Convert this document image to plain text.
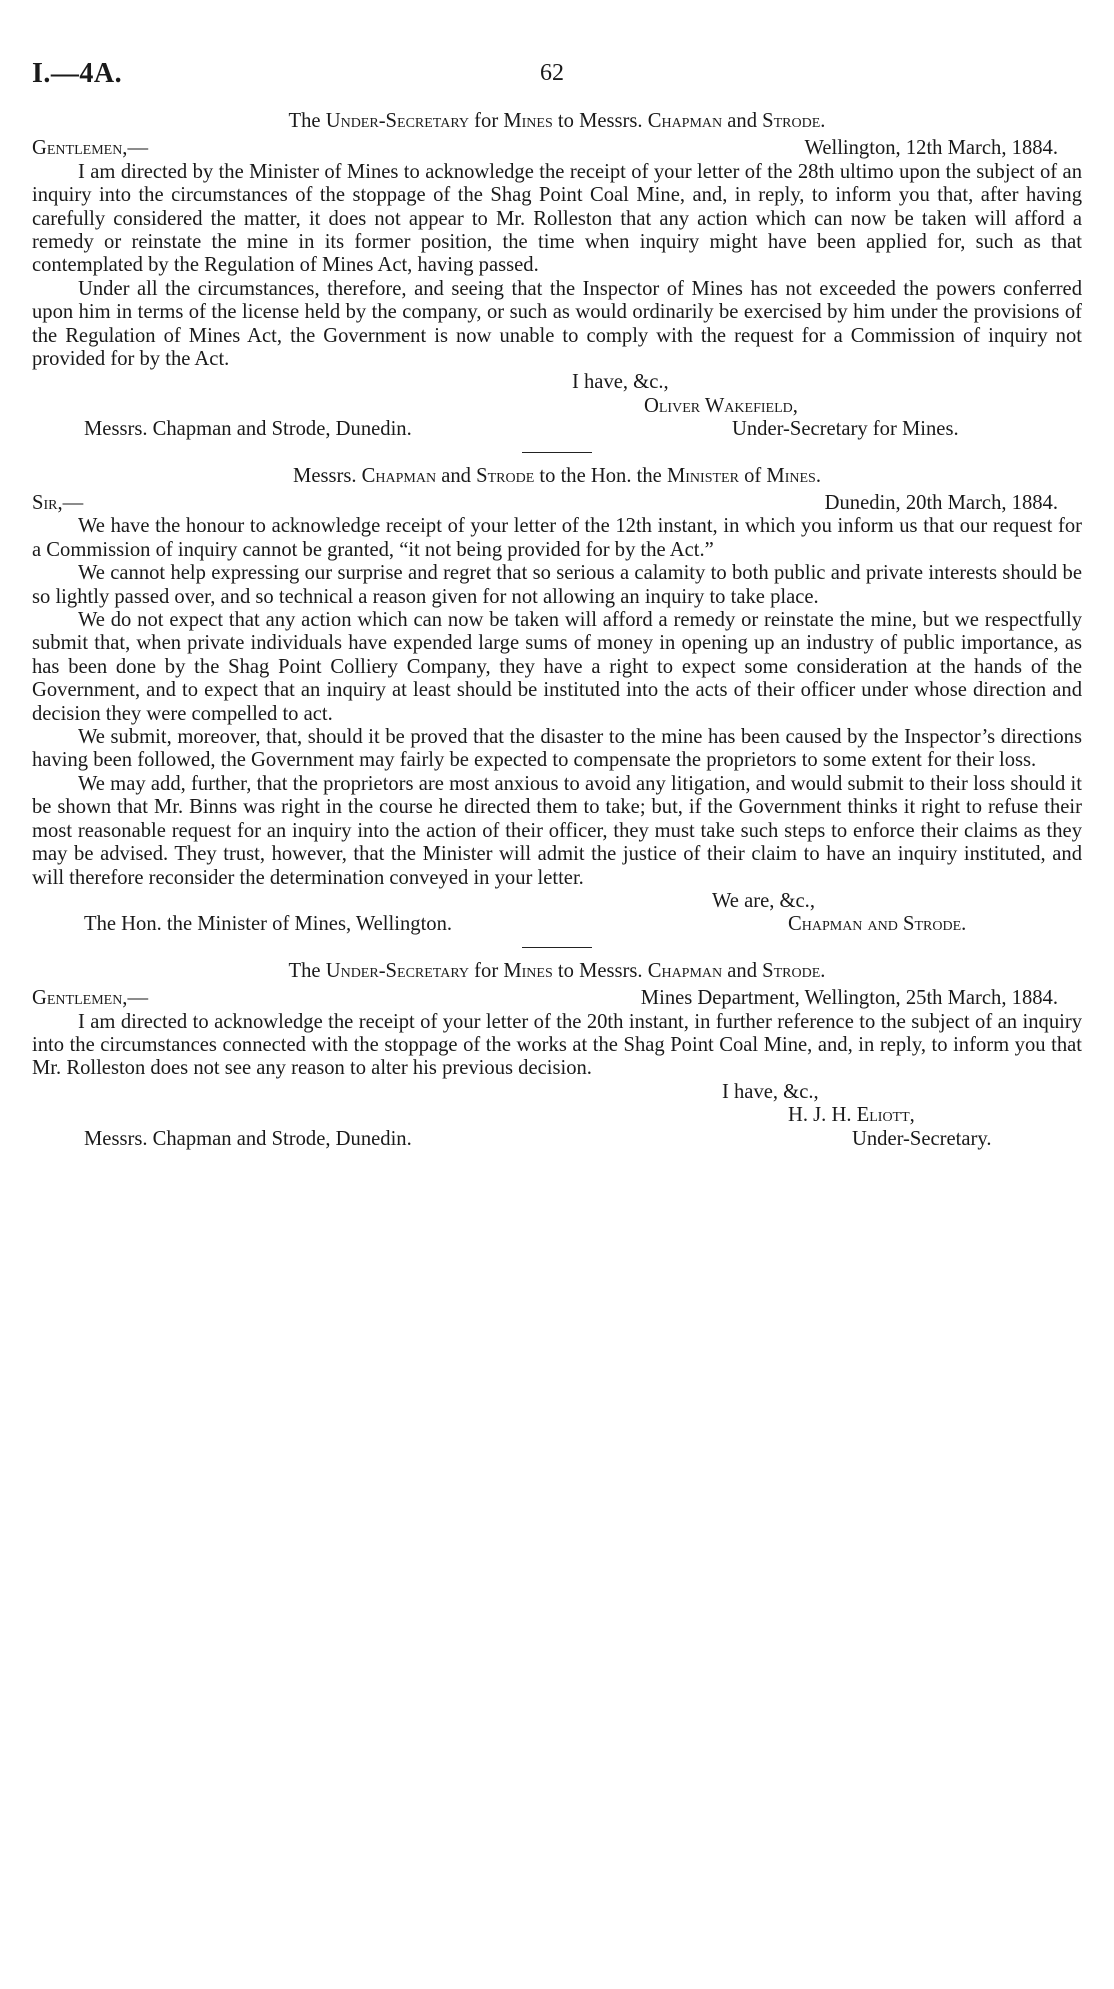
I.—4A.	62
The Under-Secretary for Mines to Messrs. Chapman and Strode.
Gentlemen,—	Wellington, 12th March, 1884.

I am directed by the Minister of Mines to acknowledge the receipt of your letter of the 28th ultimo upon the subject of an inquiry into the circumstances of the stoppage of the Shag Point Coal Mine, and, in reply, to inform you that, after having carefully considered the matter, it does not appear to Mr. Rolleston that any action which can now be taken will afford a remedy or reinstate the mine in its former position, the time when inquiry might have been applied for, such as that contemplated by the Regulation of Mines Act, having passed.

Under all the circumstances, therefore, and seeing that the Inspector of Mines has not exceeded the powers conferred upon him in terms of the license held by the company, or such as would ordinarily be exercised by him under the provisions of the Regulation of Mines Act, the Government is now unable to comply with the request for a Commission of inquiry not provided for by the Act.

I have, &c.,
Oliver Wakefield,
Messrs. Chapman and Strode, Dunedin.	Under-Secretary for Mines.
Messrs. Chapman and Strode to the Hon. the Minister of Mines.
Sir,—	Dunedin, 20th March, 1884.

We have the honour to acknowledge receipt of your letter of the 12th instant, in which you inform us that our request for a Commission of inquiry cannot be granted, “it not being provided for by the Act.”

We cannot help expressing our surprise and regret that so serious a calamity to both public and private interests should be so lightly passed over, and so technical a reason given for not allowing an inquiry to take place.

We do not expect that any action which can now be taken will afford a remedy or reinstate the mine, but we respectfully submit that, when private individuals have expended large sums of money in opening up an industry of public importance, as has been done by the Shag Point Colliery Company, they have a right to expect some consideration at the hands of the Government, and to expect that an inquiry at least should be instituted into the acts of their officer under whose direction and decision they were compelled to act.

We submit, moreover, that, should it be proved that the disaster to the mine has been caused by the Inspector’s directions having been followed, the Government may fairly be expected to compensate the proprietors to some extent for their loss.

We may add, further, that the proprietors are most anxious to avoid any litigation, and would submit to their loss should it be shown that Mr. Binns was right in the course he directed them to take; but, if the Government thinks it right to refuse their most reasonable request for an inquiry into the action of their officer, they must take such steps to enforce their claims as they may be advised. They trust, however, that the Minister will admit the justice of their claim to have an inquiry instituted, and will therefore reconsider the determination conveyed in your letter.

We are, &c.,
The Hon. the Minister of Mines, Wellington.	Chapman and Strode.
The Under-Secretary for Mines to Messrs. Chapman and Strode.
Gentlemen,—	Mines Department, Wellington, 25th March, 1884.

I am directed to acknowledge the receipt of your letter of the 20th instant, in further reference to the subject of an inquiry into the circumstances connected with the stoppage of the works at the Shag Point Coal Mine, and, in reply, to inform you that Mr. Rolleston does not see any reason to alter his previous decision.

I have, &c.,
H. J. H. Eliott,
Messrs. Chapman and Strode, Dunedin.	Under-Secretary.
